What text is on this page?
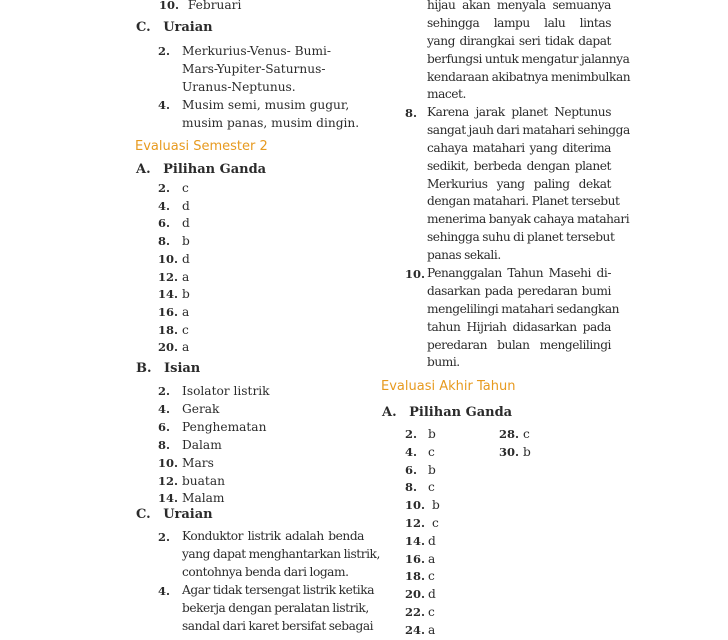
10. Februari
C. Uraian
2. Merkurius-Venus- Bumi-
Mars-Yupiter-Saturnus-
Uranus-Neptunus.
4. Musim semi, musim gugur,
musim panas, musim dingin.
Evaluasi Semester 2
A. Pilihan Ganda
2. c
4. d
6. d
8. b
10. d
12. a
14. b
16. a
18. c
20. a
B. Isian
2. Isolator listrik
4. Gerak
6. Penghematan
8. Dalam
10. Mars
12. buatan
14. Malam
C. Uraian
2. Konduktor listrik adalah benda
yang dapat menghantarkan listrik,
contohnya benda dari logam.
4. Agar tidak tersengat listrik ketika
bekerja dengan peralatan listrik,
sandal dari karet bersifat sebagai
hijau akan menyala semuanya
sehingga lampu lalu lintas
yang dirangkai seri tidak dapat
berfungsi untuk mengatur jalannya
kendaraan akibatnya menimbulkan
macet.
8. Karena jarak planet Neptunus
sangat jauh dari matahari sehingga
cahaya matahari yang diterima
sedikit, berbeda dengan planet
Merkurius yang paling dekat
dengan matahari. Planet tersebut
menerima banyak cahaya matahari
sehingga suhu di planet tersebut
panas sekali.
10. Penanggalan Tahun Masehi di-
dasarkan pada peredaran bumi
mengelilingi matahari sedangkan
tahun Hijriah didasarkan pada
peredaran bulan mengelilingi
bumi.
Evaluasi Akhir Tahun
A. Pilihan Ganda
2. b
4. c
6. b
8. c
10. b
12. c
14. d
16. a
18. c
20. d
22. c
24. a
28. c
30. b
